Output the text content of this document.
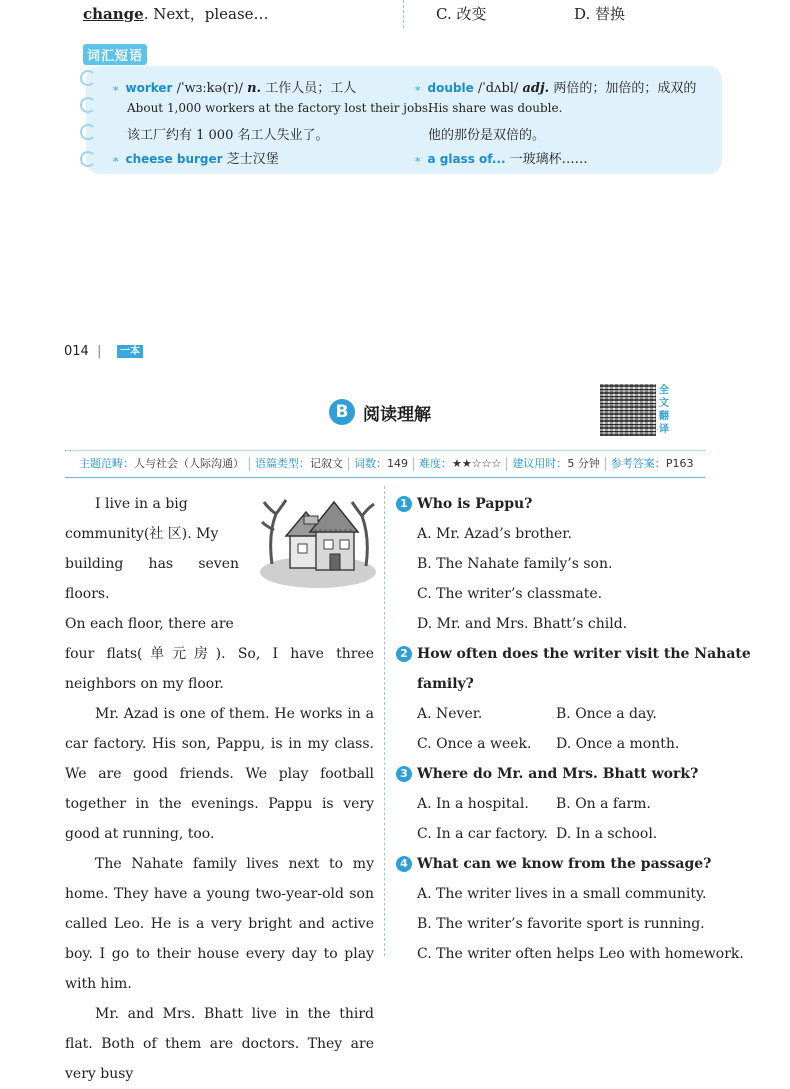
change. Next，please…	C. 改变	D. 替换
词汇短语
∗ worker /ˈwɜːkə(r)/ n. 工作人员；工人
About 1,000 workers at the factory lost their jobs.
该工厂约有 1 000 名工人失业了。
∗ cheese burger 芝士汉堡
∗ double /ˈdʌbl/ adj. 两倍的；加倍的；成双的
His share was double.
他的那份是双倍的。
∗ a glass of... 一玻璃杯……
014 |	一本
B 阅读理解
全文翻译
主题范畴：人与社会（人际沟通） 语篇类型：记叙文 词数：149 难度：★★☆☆☆ 建议用时：5 分钟 参考答案：P163

I live in a big

community(社 区). My

building has seven floors.

On each floor, there are

four flats(单元房). So, I have three neighbors on my floor.

Mr. Azad is one of them. He works in a car factory. His son, Pappu, is in my class. We are good friends. We play football together in the evenings. Pappu is very good at running, too.

The Nahate family lives next to my home. They have a young two-year-old son called Leo. He is a very bright and active boy. I go to their house every day to play with him.

Mr. and Mrs. Bhatt live in the third flat. Both of them are doctors. They are very busy

1 Who is Pappu?
A. Mr. Azad’s brother.
B. The Nahate family’s son.
C. The writer’s classmate.
D. Mr. and Mrs. Bhatt’s child.
2 How often does the writer visit the Nahate
family?
A. Never.	B. Once a day.
C. Once a week. D. Once a month.
3 Where do Mr. and Mrs. Bhatt work?
A. In a hospital. B. On a farm.
C. In a car factory. D. In a school.
4 What can we know from the passage?
A. The writer lives in a small community.
B. The writer’s favorite sport is running.
C. The writer often helps Leo with homework.
